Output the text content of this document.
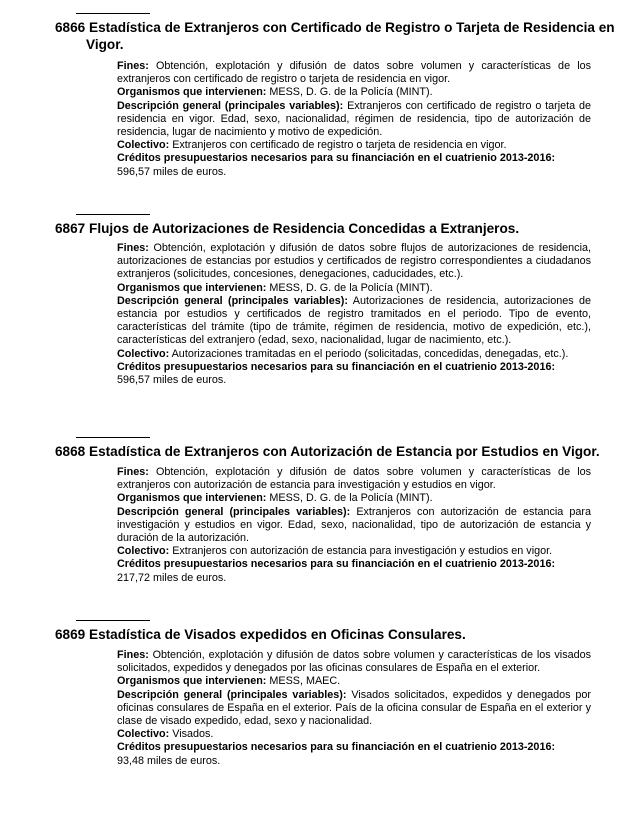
6866 Estadística de Extranjeros con Certificado de Registro o Tarjeta de Residencia en Vigor.

Fines: Obtención, explotación y difusión de datos sobre volumen y características de los extranjeros con certificado de registro o tarjeta de residencia en vigor.

Organismos que intervienen: MESS, D. G. de la Policía (MINT).

Descripción general (principales variables): Extranjeros con certificado de registro o tarjeta de residencia en vigor. Edad, sexo, nacionalidad, régimen de residencia, tipo de autorización de residencia, lugar de nacimiento y motivo de expedición.

Colectivo: Extranjeros con certificado de registro o tarjeta de residencia en vigor.

Créditos presupuestarios necesarios para su financiación en el cuatrienio 2013-2016:

596,57 miles de euros.

6867 Flujos de Autorizaciones de Residencia Concedidas a Extranjeros.

Fines: Obtención, explotación y difusión de datos sobre flujos de autorizaciones de residencia, autorizaciones de estancias por estudios y certificados de registro correspondientes a ciudadanos extranjeros (solicitudes, concesiones, denegaciones, caducidades, etc.).

Organismos que intervienen: MESS, D. G. de la Policía (MINT).

Descripción general (principales variables): Autorizaciones de residencia, autorizaciones de estancia por estudios y certificados de registro tramitados en el periodo. Tipo de evento, características del trámite (tipo de trámite, régimen de residencia, motivo de expedición, etc.), características del extranjero (edad, sexo, nacionalidad, lugar de nacimiento, etc.).

Colectivo: Autorizaciones tramitadas en el periodo (solicitadas, concedidas, denegadas, etc.).

Créditos presupuestarios necesarios para su financiación en el cuatrienio 2013-2016:

596,57 miles de euros.

6868 Estadística de Extranjeros con Autorización de Estancia por Estudios en Vigor.

Fines: Obtención, explotación y difusión de datos sobre volumen y características de los extranjeros con autorización de estancia para investigación y estudios en vigor.

Organismos que intervienen: MESS, D. G. de la Policía (MINT).

Descripción general (principales variables): Extranjeros con autorización de estancia para investigación y estudios en vigor. Edad, sexo, nacionalidad, tipo de autorización de estancia y duración de la autorización.

Colectivo: Extranjeros con autorización de estancia para investigación y estudios en vigor.

Créditos presupuestarios necesarios para su financiación en el cuatrienio 2013-2016:

217,72 miles de euros.

6869 Estadística de Visados expedidos en Oficinas Consulares.

Fines: Obtención, explotación y difusión de datos sobre volumen y características de los visados solicitados, expedidos y denegados por las oficinas consulares de España en el exterior.

Organismos que intervienen: MESS, MAEC.

Descripción general (principales variables): Visados solicitados, expedidos y denegados por oficinas consulares de España en el exterior. País de la oficina consular de España en el exterior y clase de visado expedido, edad, sexo y nacionalidad.

Colectivo: Visados.

Créditos presupuestarios necesarios para su financiación en el cuatrienio 2013-2016:

93,48 miles de euros.
